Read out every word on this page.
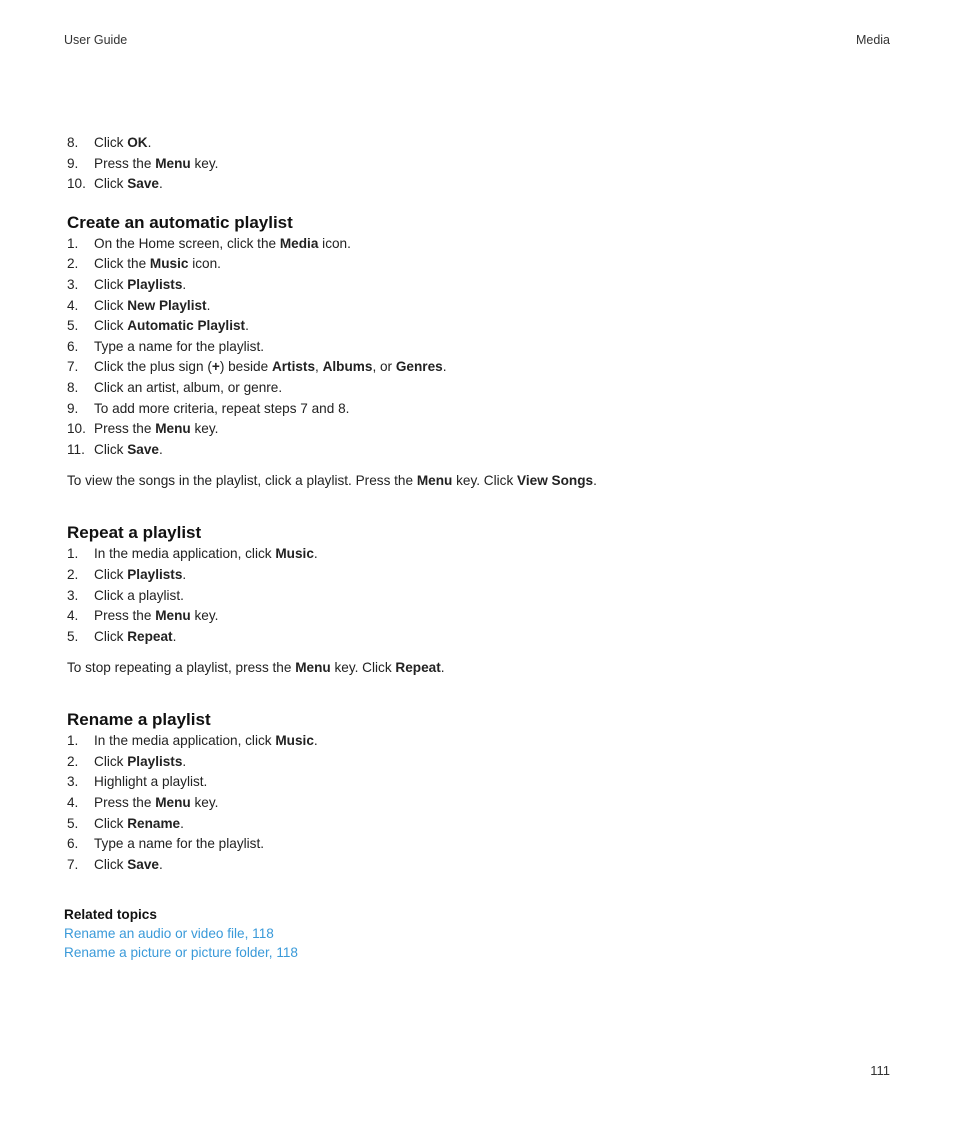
User Guide	Media
8. Click OK.
9. Press the Menu key.
10. Click Save.
Create an automatic playlist
1. On the Home screen, click the Media icon.
2. Click the Music icon.
3. Click Playlists.
4. Click New Playlist.
5. Click Automatic Playlist.
6. Type a name for the playlist.
7. Click the plus sign (+) beside Artists, Albums, or Genres.
8. Click an artist, album, or genre.
9. To add more criteria, repeat steps 7 and 8.
10. Press the Menu key.
11. Click Save.

To view the songs in the playlist, click a playlist. Press the Menu key. Click View Songs.

Repeat a playlist
1. In the media application, click Music.
2. Click Playlists.
3. Click a playlist.
4. Press the Menu key.
5. Click Repeat.

To stop repeating a playlist, press the Menu key. Click Repeat.

Rename a playlist
1. In the media application, click Music.
2. Click Playlists.
3. Highlight a playlist.
4. Press the Menu key.
5. Click Rename.
6. Type a name for the playlist.
7. Click Save.
Related topics
Rename an audio or video file, 118
Rename a picture or picture folder, 118
111
